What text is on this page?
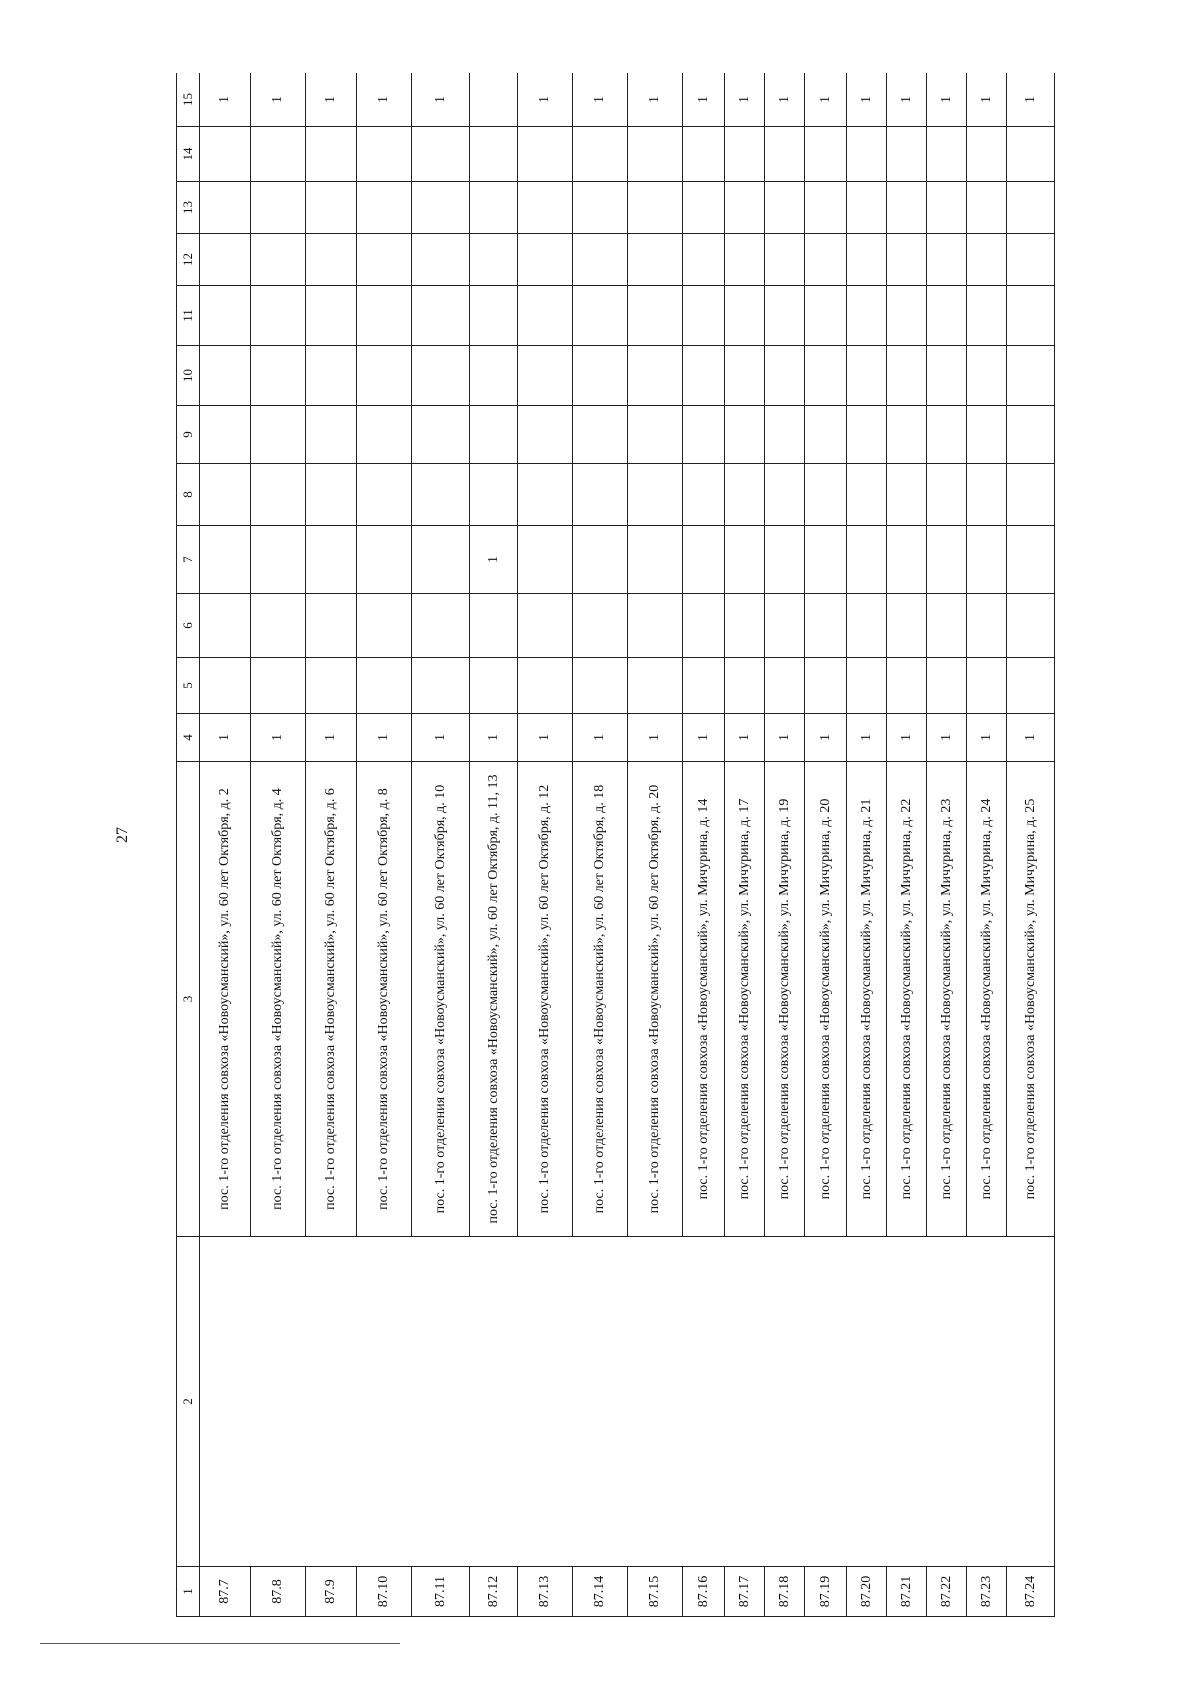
27
1	2	3	4	5	6	7	8	9	10	11	12	13	14	15
87.7		пос. 1-го отделения совхоза «Новоусманский», ул. 60 лет Октября, д. 2	1											1
87.8		пос. 1-го отделения совхоза «Новоусманский», ул. 60 лет Октября, д. 4	1											1
87.9		пос. 1-го отделения совхоза «Новоусманский», ул. 60 лет Октября, д. 6	1											1
87.10		пос. 1-го отделения совхоза «Новоусманский», ул. 60 лет Октября, д. 8	1											1
87.11		пос. 1-го отделения совхоза «Новоусманский», ул. 60 лет Октября, д. 10	1											1
87.12		пос. 1-го отделения совхоза «Новоусманский», ул. 60 лет Октября, д. 11, 13	1			1								
87.13		пос. 1-го отделения совхоза «Новоусманский», ул. 60 лет Октября, д. 12	1											1
87.14		пос. 1-го отделения совхоза «Новоусманский», ул. 60 лет Октября, д. 18	1											1
87.15		пос. 1-го отделения совхоза «Новоусманский», ул. 60 лет Октября, д. 20	1											1
87.16		пос. 1-го отделения совхоза «Новоусманский», ул. Мичурина, д. 14	1											1
87.17		пос. 1-го отделения совхоза «Новоусманский», ул. Мичурина, д. 17	1											1
87.18		пос. 1-го отделения совхоза «Новоусманский», ул. Мичурина, д. 19	1											1
87.19		пос. 1-го отделения совхоза «Новоусманский», ул. Мичурина, д. 20	1											1
87.20		пос. 1-го отделения совхоза «Новоусманский», ул. Мичурина, д. 21	1											1
87.21		пос. 1-го отделения совхоза «Новоусманский», ул. Мичурина, д. 22	1											1
87.22		пос. 1-го отделения совхоза «Новоусманский», ул. Мичурина, д. 23	1											1
87.23		пос. 1-го отделения совхоза «Новоусманский», ул. Мичурина, д. 24	1											1
87.24		пос. 1-го отделения совхоза «Новоусманский», ул. Мичурина, д. 25	1											1
